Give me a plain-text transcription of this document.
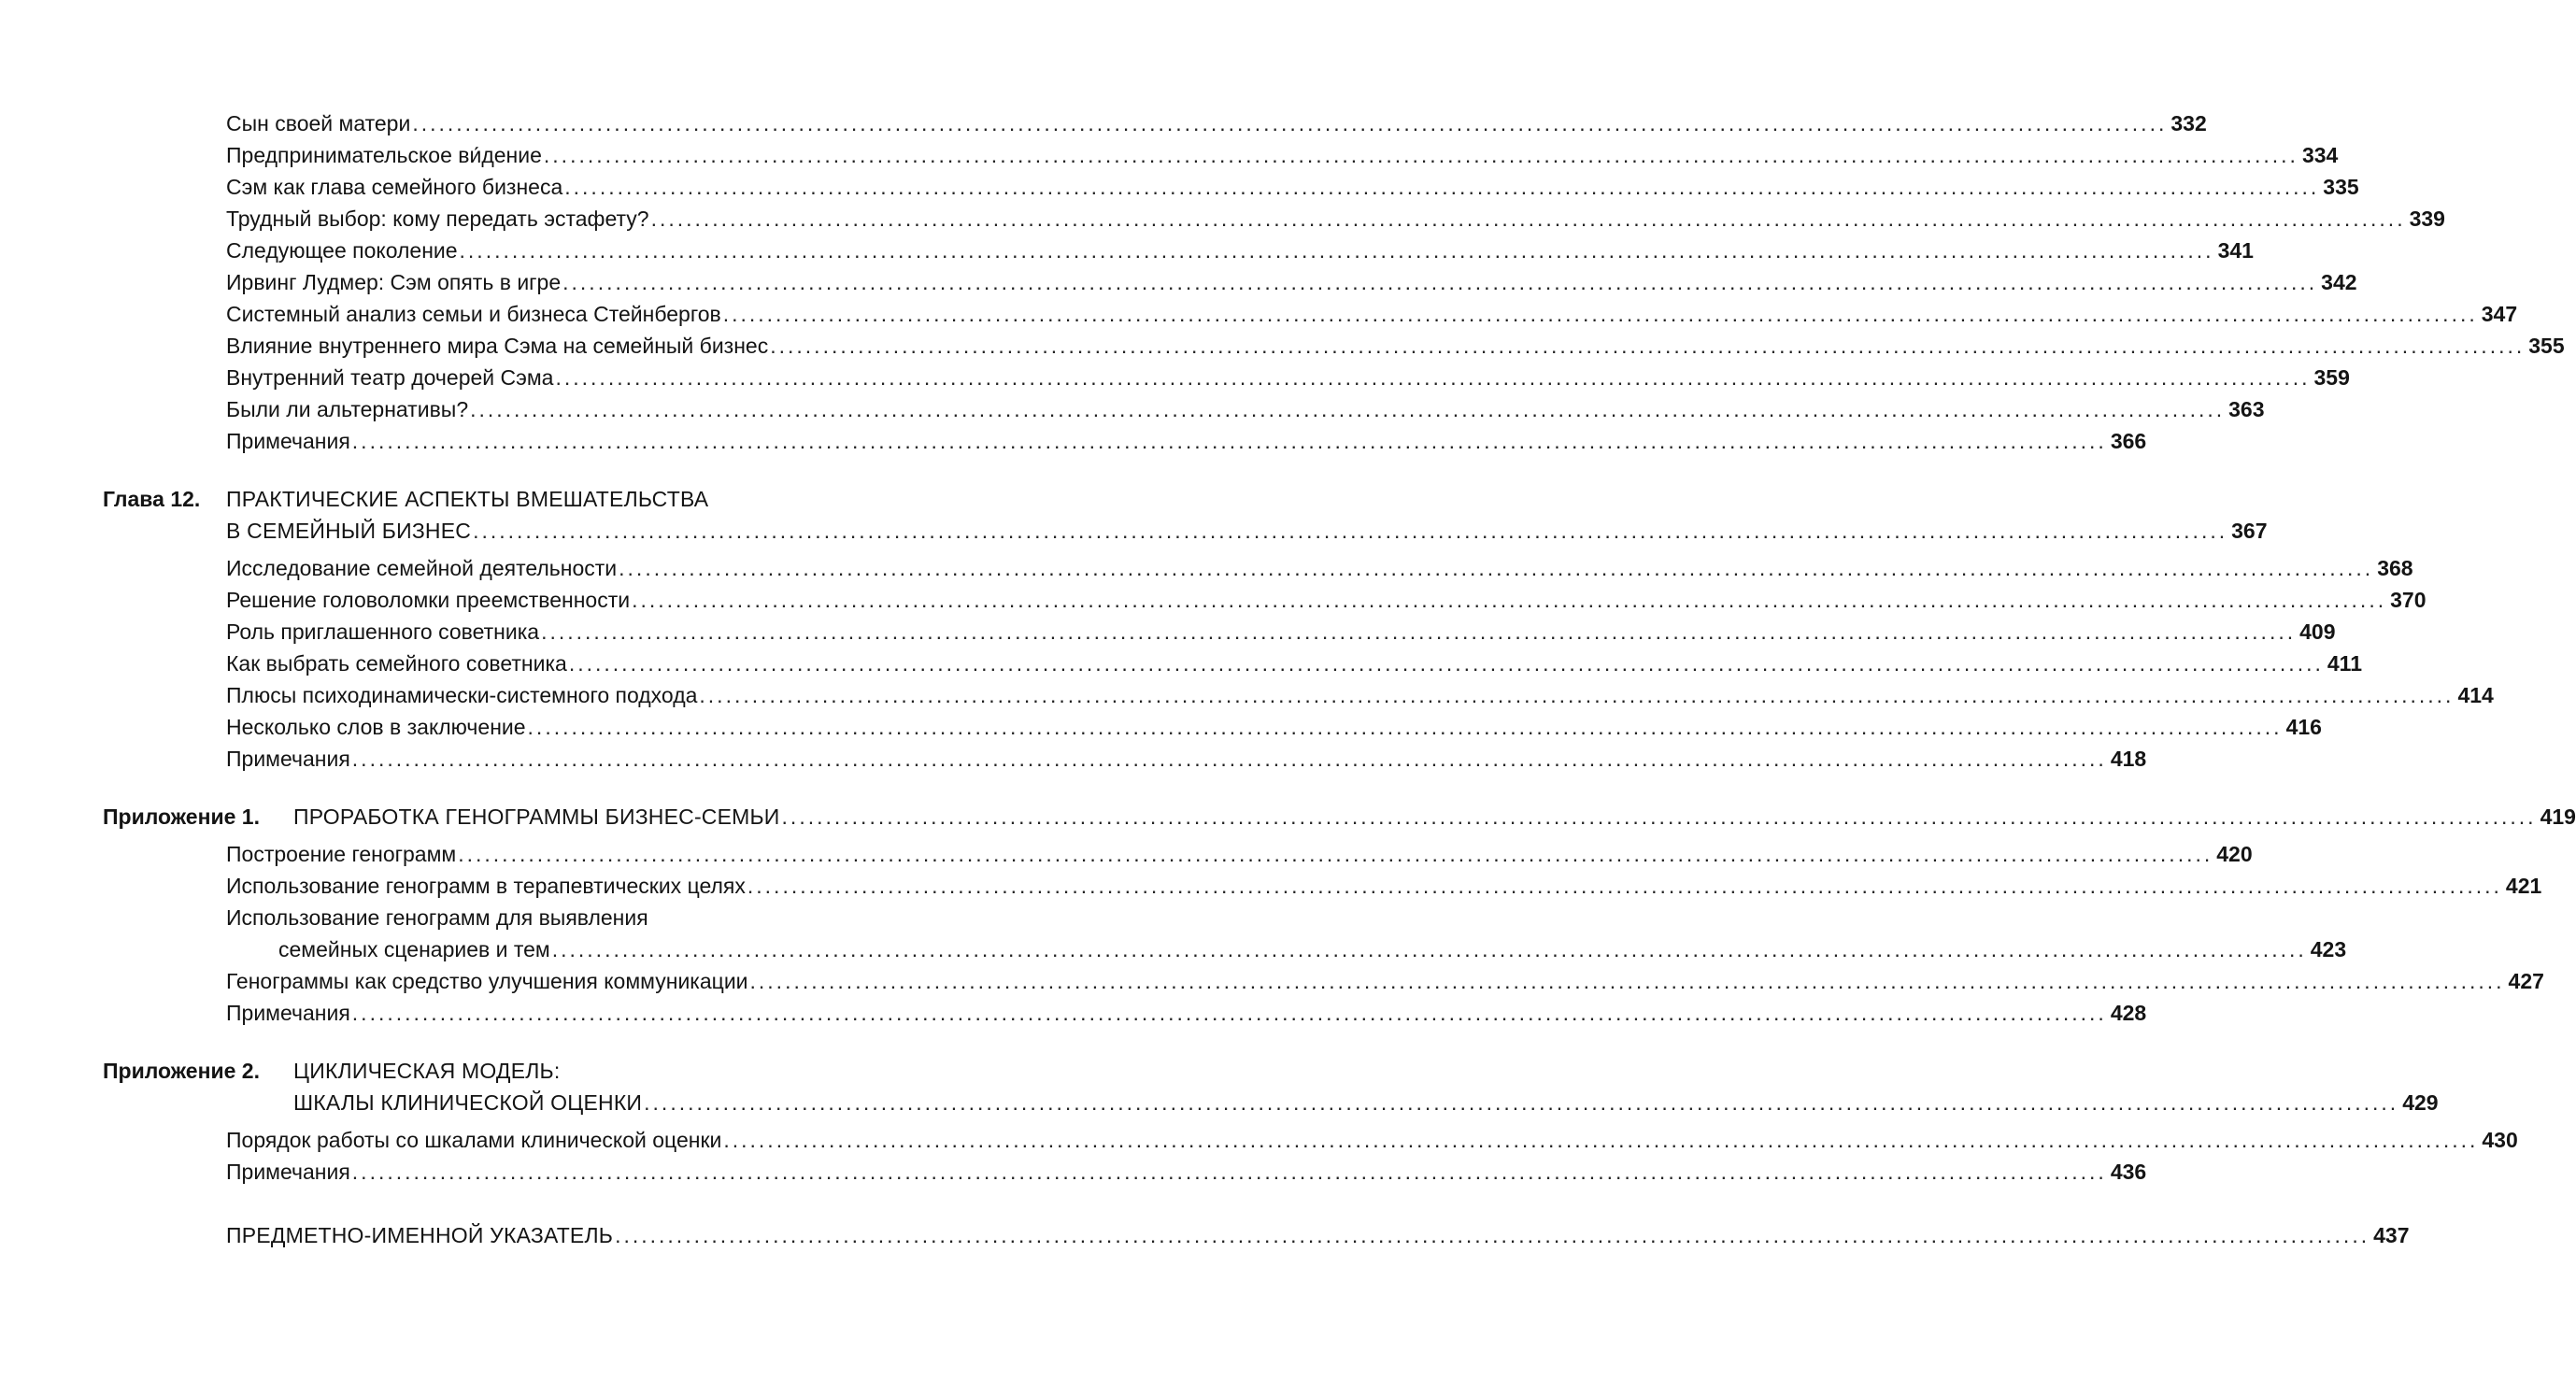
Сын своей матери ........................................................................................................................................................................................................ 332
Предпринимательское ви́дение ........................................................................................................................................................................................................ 334
Сэм как глава семейного бизнеса ........................................................................................................................................................................................................ 335
Трудный выбор: кому передать эстафету? ........................................................................................................................................................................................................ 339
Следующее поколение ........................................................................................................................................................................................................ 341
Ирвинг Лудмер: Сэм опять в игре ........................................................................................................................................................................................................ 342
Системный анализ семьи и бизнеса Стейнбергов ........................................................................................................................................................................................................ 347
Влияние внутреннего мира Сэма на семейный бизнес ........................................................................................................................................................................................................ 355
Внутренний театр дочерей Сэма ........................................................................................................................................................................................................ 359
Были ли альтернативы? ........................................................................................................................................................................................................ 363
Примечания ........................................................................................................................................................................................................ 366
Глава 12. ПРАКТИЧЕСКИЕ АСПЕКТЫ ВМЕШАТЕЛЬСТВА
В СЕМЕЙНЫЙ БИЗНЕС ........................................................................................................................................................................................................ 367
Исследование семейной деятельности ........................................................................................................................................................................................................ 368
Решение головоломки преемственности ........................................................................................................................................................................................................ 370
Роль приглашенного советника ........................................................................................................................................................................................................ 409
Как выбрать семейного советника ........................................................................................................................................................................................................ 411
Плюсы психодинамически-системного подхода ........................................................................................................................................................................................................ 414
Несколько слов в заключение ........................................................................................................................................................................................................ 416
Примечания ........................................................................................................................................................................................................ 418
Приложение 1. ПРОРАБОТКА ГЕНОГРАММЫ БИЗНЕС-СЕМЬИ ........................................................................................................................................................................................................ 419
Построение генограмм ........................................................................................................................................................................................................ 420
Использование генограмм в терапевтических целях ........................................................................................................................................................................................................ 421
Использование генограмм для выявления
семейных сценариев и тем ........................................................................................................................................................................................................ 423
Генограммы как средство улучшения коммуникации ........................................................................................................................................................................................................ 427
Примечания ........................................................................................................................................................................................................ 428
Приложение 2. ЦИКЛИЧЕСКАЯ МОДЕЛЬ:
ШКАЛЫ КЛИНИЧЕСКОЙ ОЦЕНКИ ........................................................................................................................................................................................................ 429
Порядок работы со шкалами клинической оценки ........................................................................................................................................................................................................ 430
Примечания ........................................................................................................................................................................................................ 436
ПРЕДМЕТНО-ИМЕННОЙ УКАЗАТЕЛЬ ........................................................................................................................................................................................................ 437
